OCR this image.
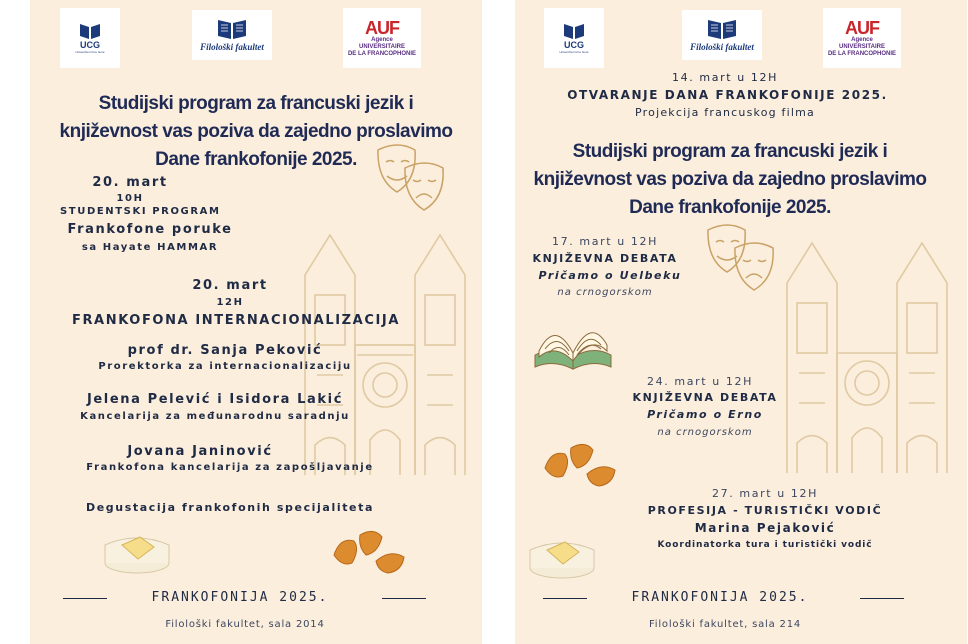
UCG
Univerzitet Crne Gore	Filološki fakultet
AUF
Agence
UNIVERSITAIRE
DE LA FRANCOPHONIE
Studijski program za francuski jezik i
književnost vas poziva da zajedno proslavimo
Dane frankofonije 2025.
20. mart
10H
STUDENTSKI PROGRAM
Frankofone poruke
sa Hayate HAMMAR
20. mart
12H
FRANKOFONA INTERNACIONALIZACIJA
prof dr. Sanja Peković
Prorektorka za internacionalizaciju
Jelena Pelević i Isidora Lakić
Kancelarija za međunarodnu saradnju
Jovana Janinović
Frankofona kancelarija za zapošljavanje
Degustacija frankofonih specijaliteta
FRANKOFONIJA 2025.
Filološki fakultet, sala 2014
UCG
Univerzitet Crne Gore	Filološki fakultet
AUF
Agence
UNIVERSITAIRE
DE LA FRANCOPHONIE
14. mart u 12H
OTVARANJE DANA FRANKOFONIJE 2025.
Projekcija francuskog filma
Studijski program za francuski jezik i
književnost vas poziva da zajedno proslavimo
Dane frankofonije 2025.
17. mart u 12H
KNJIŽEVNA DEBATA
Pričamo o Uelbeku
na crnogorskom
24. mart u 12H
KNJIŽEVNA DEBATA
Pričamo o Erno
na crnogorskom
27. mart u 12H
PROFESIJA - TURISTIČKI VODIČ
Marina Pejaković
Koordinatorka tura i turistički vodič
FRANKOFONIJA 2025.
Filološki fakultet, sala 214
